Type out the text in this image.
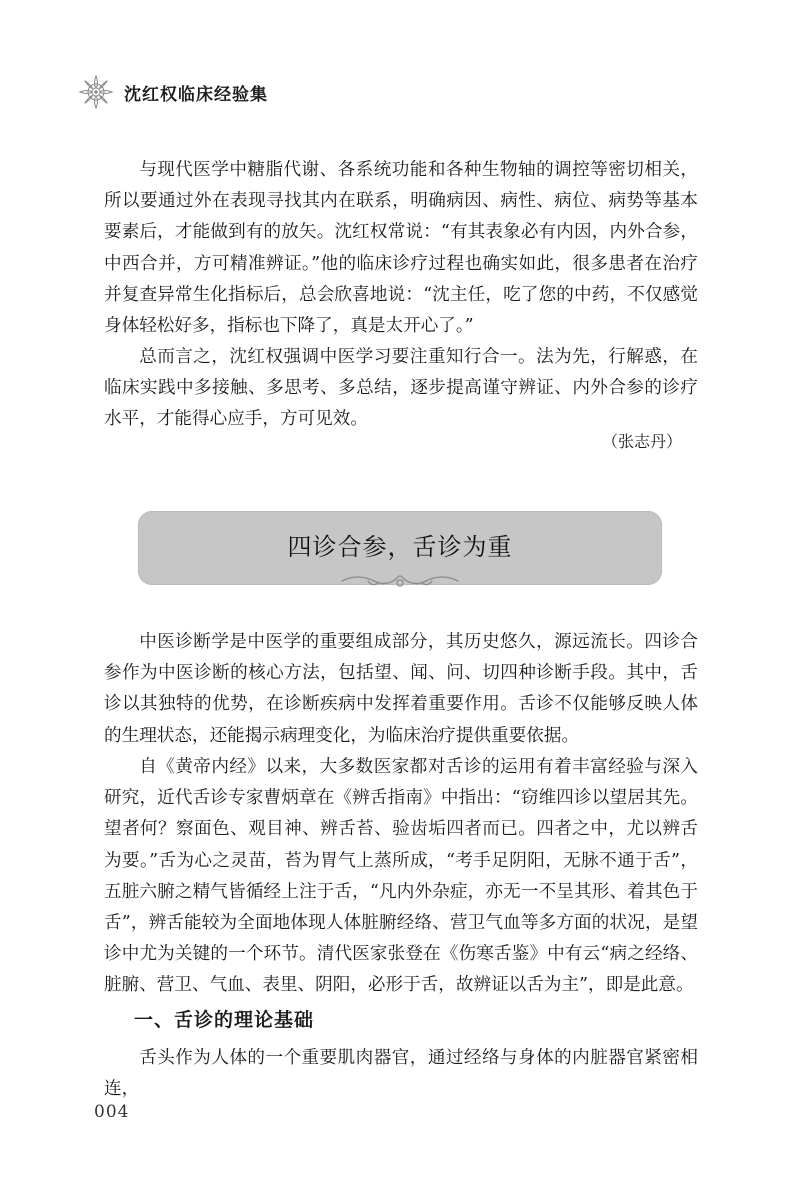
沈红权临床经验集

与现代医学中糖脂代谢、各系统功能和各种生物轴的调控等密切相关，所以要通过外在表现寻找其内在联系，明确病因、病性、病位、病势等基本要素后，才能做到有的放矢。沈红权常说：“有其表象必有内因，内外合参，中西合并，方可精准辨证。”他的临床诊疗过程也确实如此，很多患者在治疗并复查异常生化指标后，总会欣喜地说：“沈主任，吃了您的中药，不仅感觉身体轻松好多，指标也下降了，真是太开心了。”

总而言之，沈红权强调中医学习要注重知行合一。法为先，行解惑，在临床实践中多接触、多思考、多总结，逐步提高谨守辨证、内外合参的诊疗水平，才能得心应手，方可见效。

（张志丹）
四诊合参，舌诊为重

中医诊断学是中医学的重要组成部分，其历史悠久，源远流长。四诊合参作为中医诊断的核心方法，包括望、闻、问、切四种诊断手段。其中，舌诊以其独特的优势，在诊断疾病中发挥着重要作用。舌诊不仅能够反映人体的生理状态，还能揭示病理变化，为临床治疗提供重要依据。

自《黄帝内经》以来，大多数医家都对舌诊的运用有着丰富经验与深入研究，近代舌诊专家曹炳章在《辨舌指南》中指出：“窃维四诊以望居其先。望者何？察面色、观目神、辨舌苔、验齿垢四者而已。四者之中，尤以辨舌为要。”舌为心之灵苗，苔为胃气上蒸所成，“考手足阴阳，无脉不通于舌”，五脏六腑之精气皆循经上注于舌，“凡内外杂症，亦无一不呈其形、着其色于舌”，辨舌能较为全面地体现人体脏腑经络、营卫气血等多方面的状况，是望诊中尤为关键的一个环节。清代医家张登在《伤寒舌鉴》中有云“病之经络、脏腑、营卫、气血、表里、阴阳，必形于舌，故辨证以舌为主”，即是此意。

一、舌诊的理论基础

舌头作为人体的一个重要肌肉器官，通过经络与身体的内脏器官紧密相连，

004
